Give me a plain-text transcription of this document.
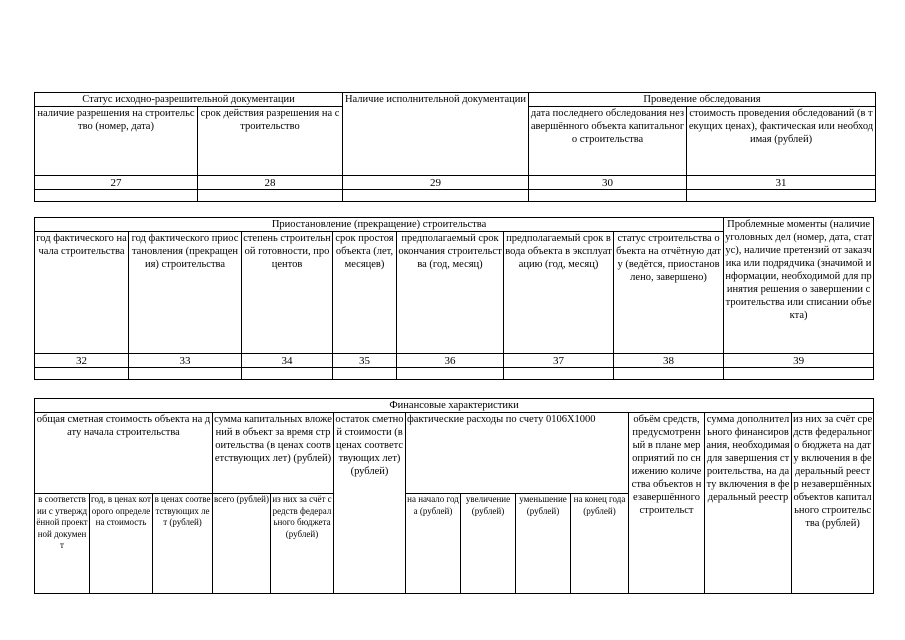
Статус исходно-разрешительной документации		Наличие исполнительной документации	Проведение обследования	
наличие разрешения на строительство (номер, дата)	срок действия разрешения на строительство		дата последнего обследования незавершённого объекта капитального строительства	стоимость проведения обследований (в текущих ценах), фактическая или необходимая (рублей)
27	28	29	30	31

Приостановление (прекращение) строительства							Проблемные моменты (наличие уголовных дел (номер, дата, статус), наличие претензий от заказчика или подрядчика (значимой информации, необходимой для принятия решения о завершении строительства или списании объекта)
год фактического начала строительства	год фактического приостановления (прекращения) строительства	степень строительной готовности, процентов	срок простоя объекта (лет, месяцев)	предполагаемый срок окончания строительства (год, месяц)	предполагаемый срок ввода объекта в эксплуатацию (год, месяц)	статус строительства объекта на отчётную дату (ведётся, приостановлено, завершено)	
32	33	34	35	36	37	38	39

Финансовые характеристики												
общая сметная стоимость объекта на дату начала строительства			сумма капитальных вложений в объект за время строительства (в ценах соответствующих лет) (рублей)		остаток сметной стоимости (в ценах соответствующих лет) (рублей)	фактические расходы по счету 0106Х1000				объём средств, предусмотренный в плане мероприятий по снижению количества объектов незавершённого строительст	сумма дополнительного финансирования, необходимая для завершения строительства, на дату включения в федеральный реестр	из них за счёт средств федерального бюджета на дату включения в федеральный реестр незавершённых объектов капитального строительства (рублей)
в соответствии с утверждённой проектной документ	год, в ценах которого определена стоимость	в ценах соответствующих лет (рублей)	всего (рублей)	из них за счёт средств федерального бюджета (рублей)		на начало года (рублей)	увеличение (рублей)	уменьшение (рублей)	на конец года (рублей)			
